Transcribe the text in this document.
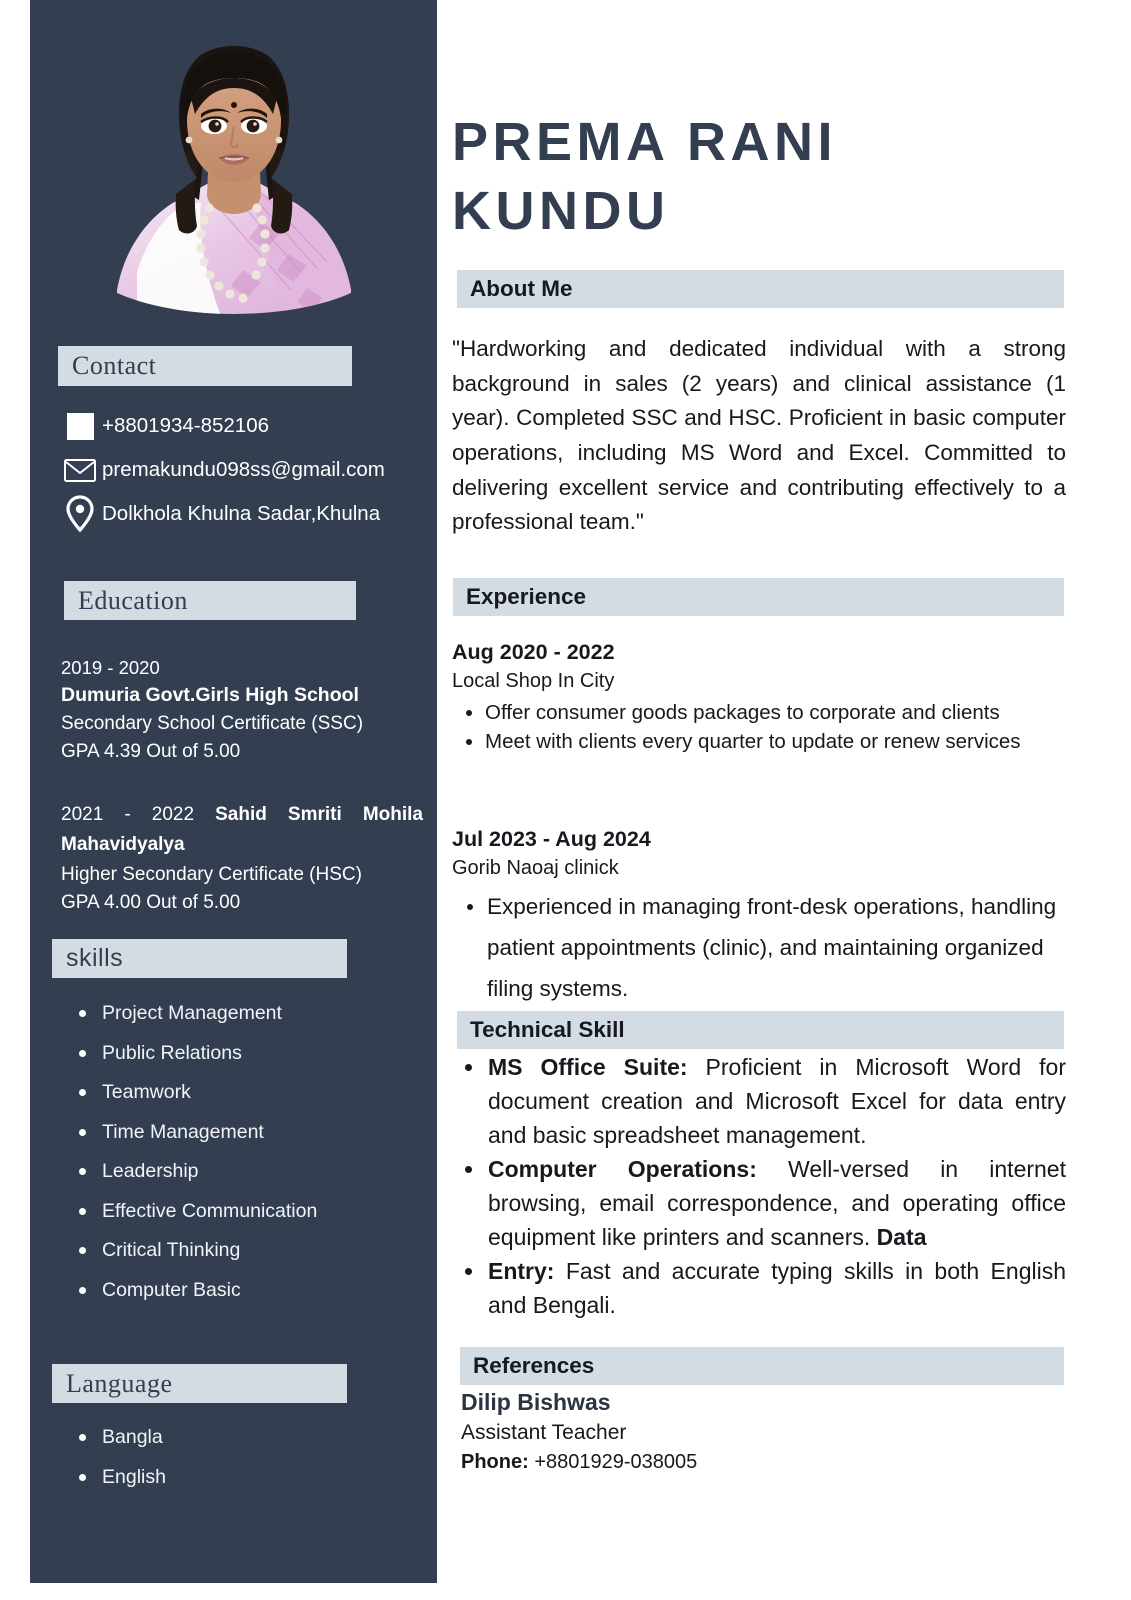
Contact
+8801934-852106
premakundu098ss@gmail.com
Dolkhola Khulna Sadar,Khulna
Education
2019 - 2020
Dumuria Govt.Girls High School
Secondary School Certificate (SSC)
GPA 4.39 Out of 5.00
2021 - 2022 Sahid Smriti Mohila Mahavidyalya
Higher Secondary Certificate (HSC)
GPA 4.00 Out of 5.00
skills
Project Management
Public Relations
Teamwork
Time Management
Leadership
Effective Communication
Critical Thinking
Computer Basic
Language
Bangla
English
PREMA RANI
KUNDU
About Me
"Hardworking and dedicated individual with a strong background in sales (2 years) and clinical assistance (1 year). Completed SSC and HSC. Proficient in basic computer operations, including MS Word and Excel. Committed to delivering excellent service and contributing effectively to a professional team."
Experience
Aug 2020 - 2022
Local Shop In City
Offer consumer goods packages to corporate and clients
Meet with clients every quarter to update or renew services
Jul 2023 - Aug 2024
Gorib Naoaj clinick
Experienced in managing front-desk operations, handling patient appointments (clinic), and maintaining organized filing systems.
Technical Skill
MS Office Suite: Proficient in Microsoft Word for document creation and Microsoft Excel for data entry and basic spreadsheet management.
Computer Operations: Well-versed in internet browsing, email correspondence, and operating office equipment like printers and scanners. Data
Entry: Fast and accurate typing skills in both English and Bengali.
References
Dilip Bishwas
Assistant Teacher
Phone: +8801929-038005
